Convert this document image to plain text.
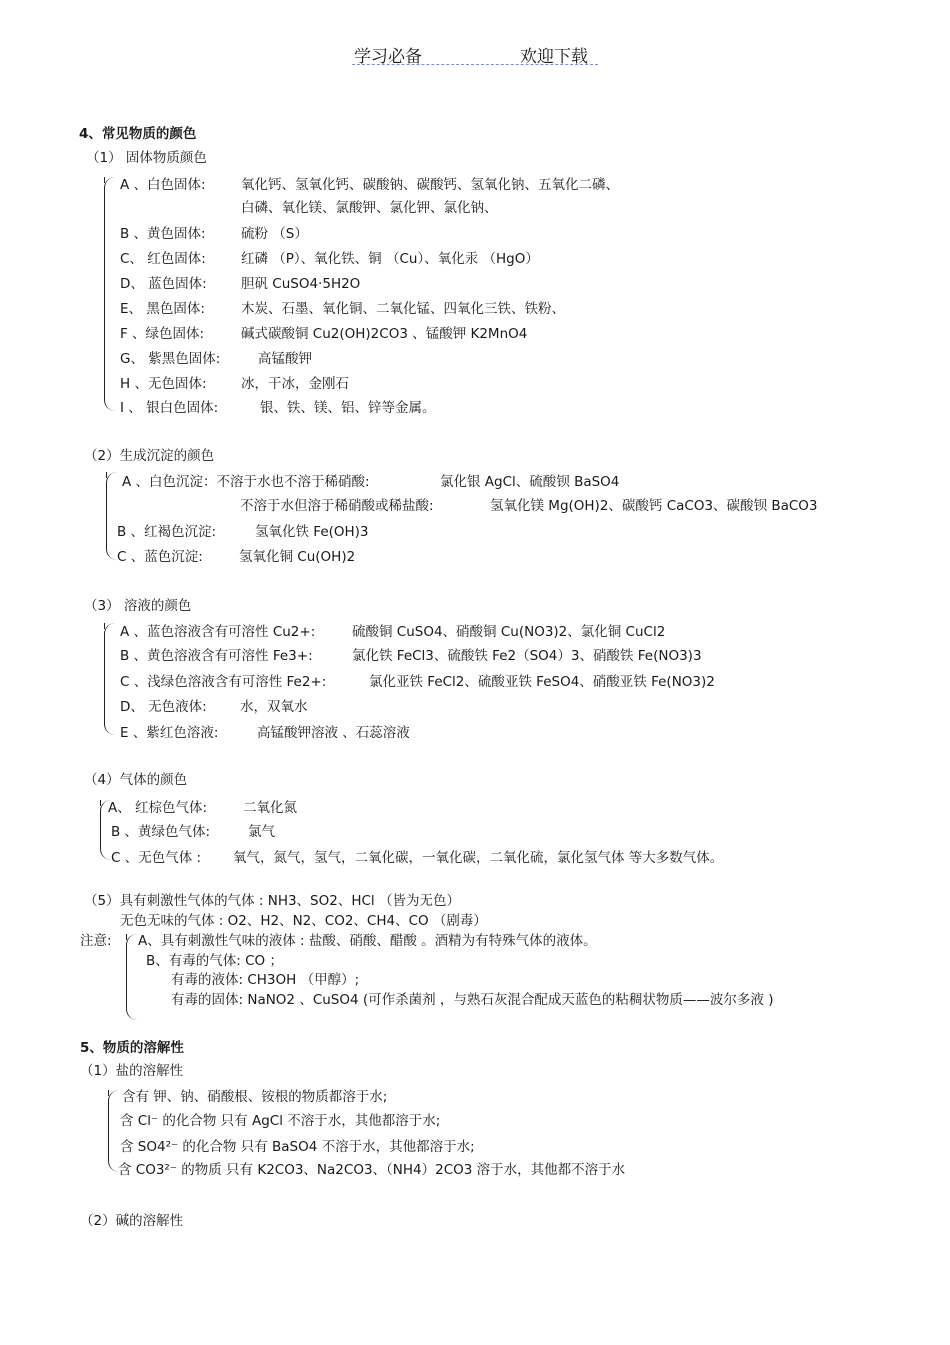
学习必备	欢迎下载
4、常见物质的颜色
（1） 固体物质颜色
A 、白色固体:	氧化钙、氢氧化钙、碳酸钠、碳酸钙、氢氧化钠、五氧化二磷、
白磷、氧化镁、氯酸钾、氯化钾、氯化钠、
B 、黄色固体:	硫粉 （S）
C、 红色固体:	红磷 （P）、氧化铁、铜 （Cu）、氧化汞 （HgO）
D、 蓝色固体:	胆矾 CuSO4·5H2O
E、 黑色固体:	木炭、石墨、氧化铜、二氧化锰、四氧化三铁、铁粉、
F 、绿色固体:	碱式碳酸铜 Cu2(OH)2CO3 、锰酸钾 K2MnO4
G、 紫黑色固体:	高锰酸钾
H 、无色固体:	冰，干冰，金刚石
I 、 银白色固体:	银、铁、镁、铝、锌等金属。
（2）生成沉淀的颜色
A 、白色沉淀：不溶于水也不溶于稀硝酸:	氯化银 AgCl、硫酸钡 BaSO4
不溶于水但溶于稀硝酸或稀盐酸:	氢氧化镁 Mg(OH)2、碳酸钙 CaCO3、碳酸钡 BaCO3
B 、红褐色沉淀:	氢氧化铁 Fe(OH)3
C 、蓝色沉淀:	氢氧化铜 Cu(OH)2
（3） 溶液的颜色
A 、蓝色溶液含有可溶性 Cu2+:	硫酸铜 CuSO4、硝酸铜 Cu(NO3)2、氯化铜 CuCl2
B 、黄色溶液含有可溶性 Fe3+:	氯化铁 FeCl3、硫酸铁 Fe2（SO4）3、硝酸铁 Fe(NO3)3
C 、浅绿色溶液含有可溶性 Fe2+:	氯化亚铁 FeCl2、硫酸亚铁 FeSO4、硝酸亚铁 Fe(NO3)2
D、 无色液体: 水，双氧水
E 、紫红色溶液:	高锰酸钾溶液 、石蕊溶液
（4）气体的颜色
A、 红棕色气体:	二氧化氮
B 、黄绿色气体:	氯气
C 、无色气体 : 氧气，氮气，氢气，二氧化碳，一氧化碳，二氧化硫，氯化氢气体 等大多数气体。
（5）具有刺激性气体的气体 : NH3、SO2、HCl （皆为无色）
无色无味的气体 : O2、H2、N2、CO2、CH4、CO （剧毒）
注意: A、具有刺激性气味的液体 : 盐酸、硝酸、醋酸 。酒精为有特殊气体的液体。
B、有毒的气体: CO ；
有毒的液体: CH3OH （甲醇）;
有毒的固体: NaNO2 、CuSO4 (可作杀菌剂 ，与熟石灰混合配成天蓝色的粘稠状物质——波尔多液 )
5、物质的溶解性
（1）盐的溶解性
含有 钾、钠、硝酸根、铵根的物质都溶于水;
含 Cl⁻ 的化合物 只有 AgCl 不溶于水，其他都溶于水;
含 SO4²⁻ 的化合物 只有 BaSO4 不溶于水，其他都溶于水;
含 CO3²⁻ 的物质 只有 K2CO3、Na2CO3、（NH4）2CO3 溶于水，其他都不溶于水
（2）碱的溶解性
